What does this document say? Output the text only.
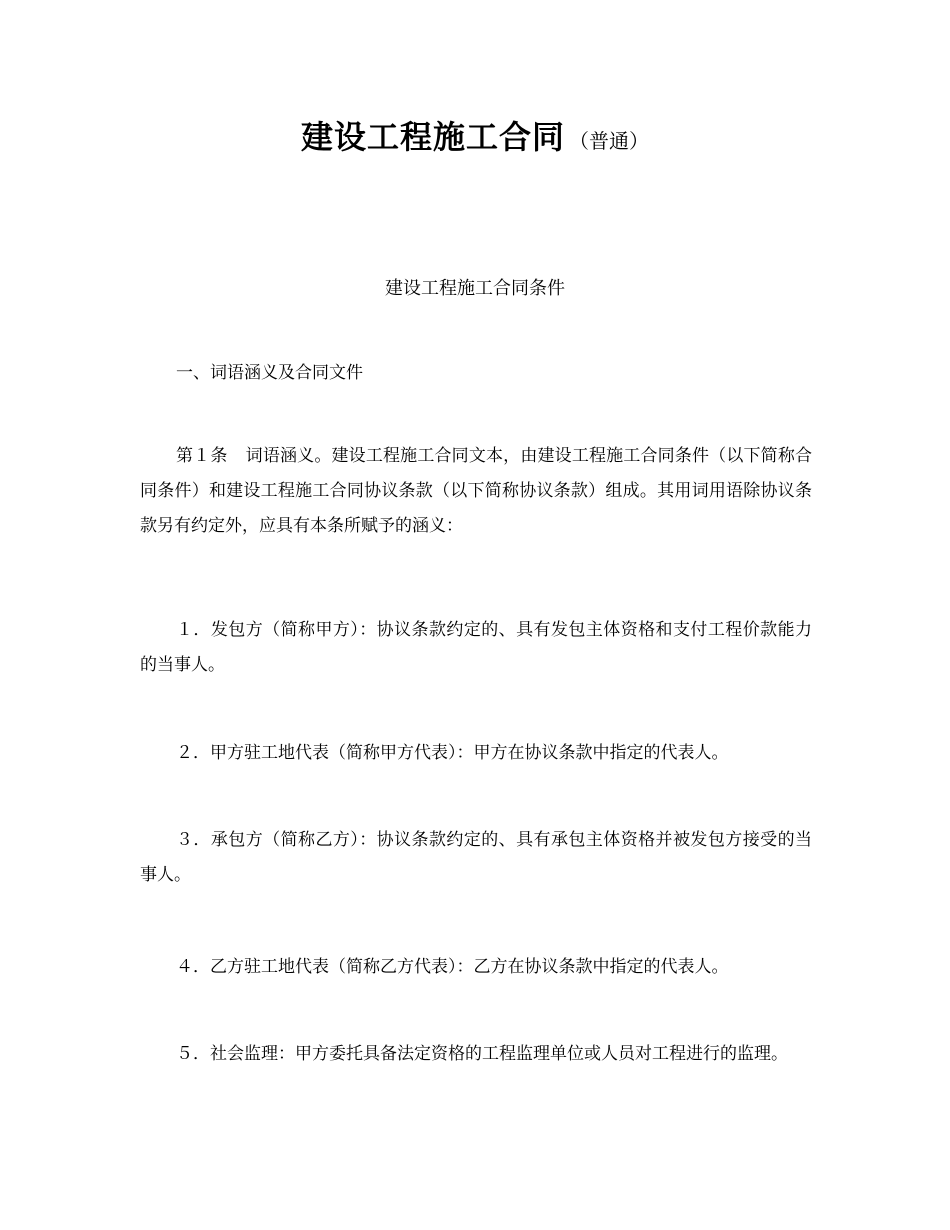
建设工程施工合同 （普通）
建设工程施工合同条件
一、词语涵义及合同文件
第１条 词语涵义。建设工程施工合同文本，由建设工程施工合同条件（以下简称合同条件）和建设工程施工合同协议条款（以下简称协议条款）组成。其用词用语除协议条款另有约定外，应具有本条所赋予的涵义：
１．发包方（简称甲方）：协议条款约定的、具有发包主体资格和支付工程价款能力的当事人。
２．甲方驻工地代表（简称甲方代表）：甲方在协议条款中指定的代表人。
３．承包方（简称乙方）：协议条款约定的、具有承包主体资格并被发包方接受的当事人。
４．乙方驻工地代表（简称乙方代表）：乙方在协议条款中指定的代表人。
５．社会监理：甲方委托具备法定资格的工程监理单位或人员对工程进行的监理。
